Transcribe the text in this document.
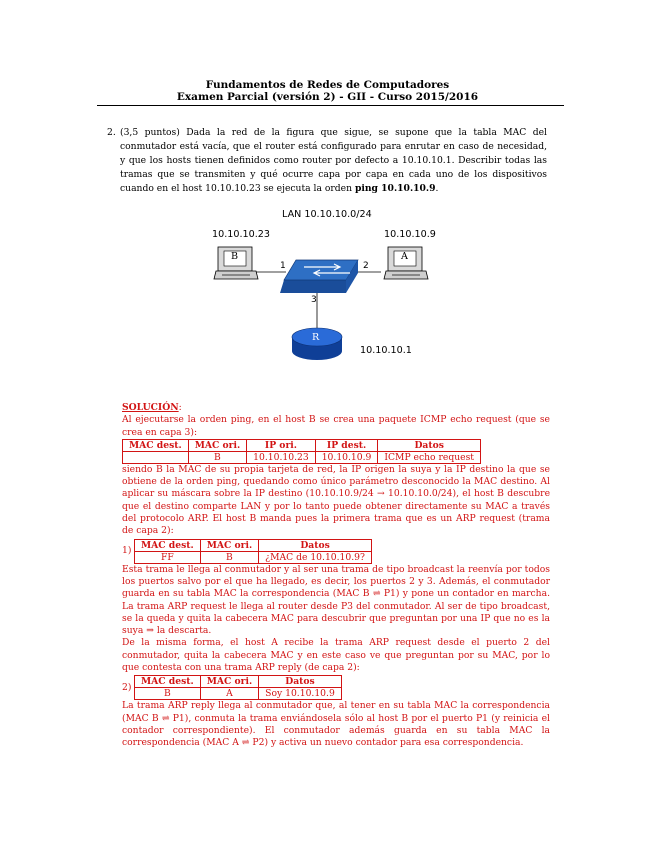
Fundamentos de Redes de Computadores
Examen Parcial (versión 2) - GII - Curso 2015/2016
2. (3,5 puntos) Dada la red de la figura que sigue, se supone que la tabla MAC del conmutador está vacía, que el router está configurado para enrutar en caso de necesidad, y que los hosts tienen definidos como router por defecto a 10.10.10.1. Describir todas las tramas que se transmiten y qué ocurre capa por capa en cada uno de los dispositivos cuando en el host 10.10.10.23 se ejecuta la orden ping 10.10.10.9.
LAN 10.10.10.0/24
10.10.10.23	10.10.10.9
B	A
1	2
3
R
10.10.10.1

SOLUCIÓN:

Al ejecutarse la orden ping, en el host B se crea una paquete ICMP echo request (que se crea en capa 3):

MAC dest.	MAC ori.	IP ori.	IP dest.	Datos
	B	10.10.10.23	10.10.10.9	ICMP echo request

siendo B la MAC de su propia tarjeta de red, la IP origen la suya y la IP destino la que se obtiene de la orden ping, quedando como único parámetro desconocido la MAC destino. Al aplicar su máscara sobre la IP destino (10.10.10.9/24 → 10.10.10.0/24), el host B descubre que el destino comparte LAN y por lo tanto puede obtener directamente su MAC a través del protocolo ARP. El host B manda pues la primera trama que es un ARP request (trama de capa 2):

1) MAC dest.	MAC ori.	Datos
FF	B	¿MAC de 10.10.10.9?

Esta trama le llega al conmutador y al ser una trama de tipo broadcast la reenvía por todos los puertos salvo por el que ha llegado, es decir, los puertos 2 y 3. Además, el conmutador guarda en su tabla MAC la correspondencia (MAC B ⇌ P1) y pone un contador en marcha. La trama ARP request le llega al router desde P3 del conmutador. Al ser de tipo broadcast, se la queda y quita la cabecera MAC para descubrir que preguntan por una IP que no es la suya ⇒ la descarta.

De la misma forma, el host A recibe la trama ARP request desde el puerto 2 del conmutador, quita la cabecera MAC y en este caso ve que preguntan por su MAC, por lo que contesta con una trama ARP reply (de capa 2):

2) MAC dest.	MAC ori.	Datos
B	A	Soy 10.10.10.9

La trama ARP reply llega al conmutador que, al tener en su tabla MAC la correspondencia (MAC B ⇌ P1), conmuta la trama enviándosela sólo al host B por el puerto P1 (y reinicia el contador correspondiente). El conmutador además guarda en su tabla MAC la correspondencia (MAC A ⇌ P2) y activa un nuevo contador para esa correspondencia.
